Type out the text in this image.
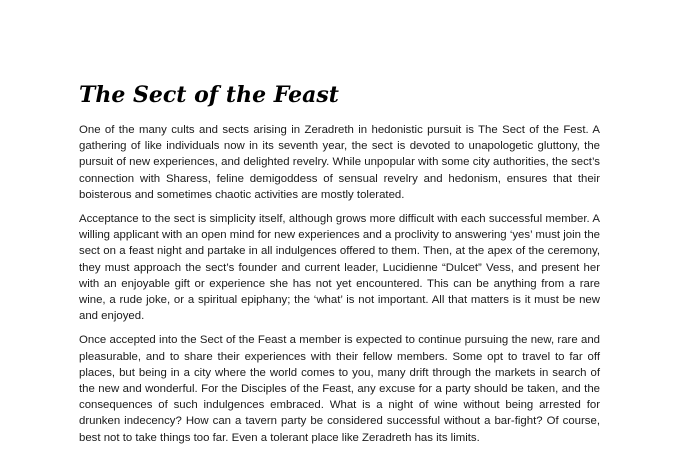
The Sect of the Feast

One of the many cults and sects arising in Zeradreth in hedonistic pursuit is The Sect of the Fest. A gathering of like individuals now in its seventh year, the sect is devoted to unapologetic gluttony, the pursuit of new experiences, and delighted revelry. While unpopular with some city authorities, the sect’s connection with Sharess, feline demigoddess of sensual revelry and hedonism, ensures that their boisterous and sometimes chaotic activities are mostly tolerated.

Acceptance to the sect is simplicity itself, although grows more difficult with each successful member. A willing applicant with an open mind for new experiences and a proclivity to answering ‘yes’ must join the sect on a feast night and partake in all indulgences offered to them. Then, at the apex of the ceremony, they must approach the sect’s founder and current leader, Lucidienne “Dulcet” Vess, and present her with an enjoyable gift or experience she has not yet encountered. This can be anything from a rare wine, a rude joke, or a spiritual epiphany; the ‘what’ is not important. All that matters is it must be new and enjoyed.

Once accepted into the Sect of the Feast a member is expected to continue pursuing the new, rare and pleasurable, and to share their experiences with their fellow members. Some opt to travel to far off places, but being in a city where the world comes to you, many drift through the markets in search of the new and wonderful. For the Disciples of the Feast, any excuse for a party should be taken, and the consequences of such indulgences embraced. What is a night of wine without being arrested for drunken indecency? How can a tavern party be considered successful without a bar-fight? Of course, best not to take things too far. Even a tolerant place like Zeradreth has its limits.
